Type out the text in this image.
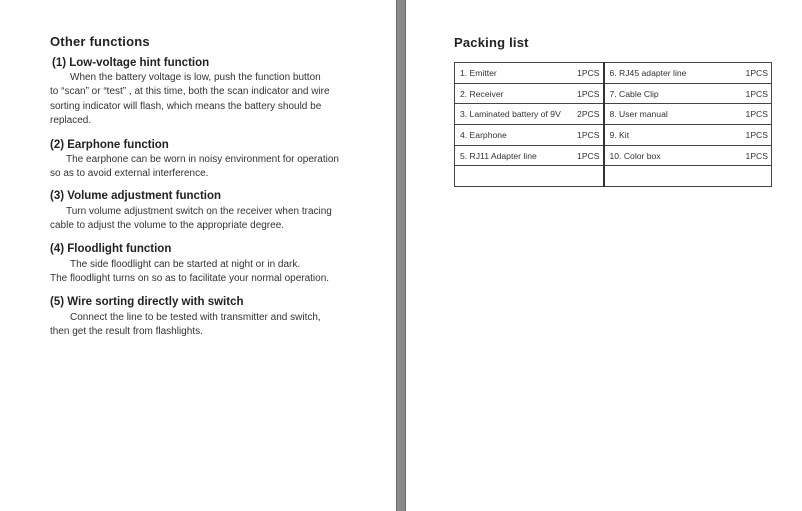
Other functions
(1) Low-voltage hint function

When the battery voltage is low, push the function button
to “scan” or “test” , at this time, both the scan indicator and wire
sorting indicator will flash, which means the battery should be
replaced.

(2) Earphone function

The earphone can be worn in noisy environment for operation
so as to avoid external interference.

(3) Volume adjustment function

Turn volume adjustment switch on the receiver when tracing
cable to adjust the volume to the appropriate degree.

(4) Floodlight function

The side floodlight can be started at night or in dark.
The floodlight turns on so as to facilitate your normal operation.

(5) Wire sorting directly with switch

Connect the line to be tested with transmitter and switch,
then get the result from flashlights.

Packing list
1. Emitter 1PCS	6. RJ45 adapter line 1PCS

2. Receiver 1PCS	7. Cable Clip 1PCS

3. Laminated battery of 9V 2PCS	8. User manual 1PCS

4. Earphone 1PCS	9. Kit 1PCS

5. RJ11 Adapter line 1PCS	10. Color box 1PCS
